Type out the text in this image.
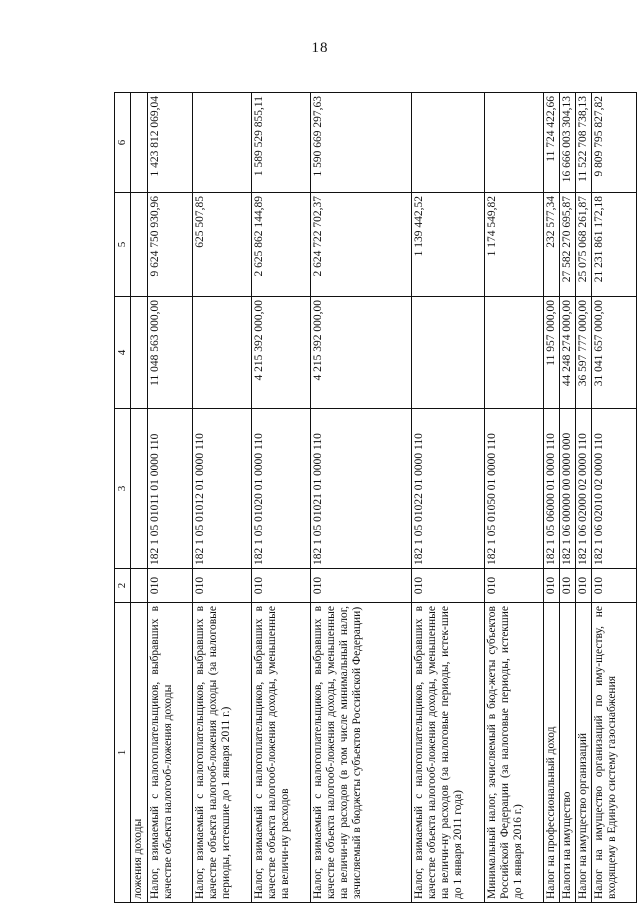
18
1	2	3	4	5	6
ложения доходы					
Налог, взимаемый с налогоплательщиков, выбравших в качестве объекта налогооб-ложения доходы	010	182 1 05 01011 01 0000 110	11 048 563 000,00	9 624 750 930,96	1 423 812 069,04
Налог, взимаемый с налогоплательщиков, выбравших в качестве объекта налогооб-ложения доходы (за налоговые периоды, истекшие до 1 января 2011 г.)	010	182 1 05 01012 01 0000 110		625 507,85	
Налог, взимаемый с налогоплательщиков, выбравших в качестве объекта налогооб-ложения доходы, уменьшенные на величи-ну расходов	010	182 1 05 01020 01 0000 110	4 215 392 000,00	2 625 862 144,89	1 589 529 855,11
Налог, взимаемый с налогоплательщиков, выбравших в качестве объекта налогооб-ложения доходы, уменьшенные на величи-ну расходов (в том числе минимальный налог, зачисляемый в бюджеты субъектов Российской Федерации)	010	182 1 05 01021 01 0000 110	4 215 392 000,00	2 624 722 702,37	1 590 669 297,63
Налог, взимаемый с налогоплательщиков, выбравших в качестве объекта налогооб-ложения доходы, уменьшенные на величи-ну расходов (за налоговые периоды, истек-шие до 1 января 2011 года)	010	182 1 05 01022 01 0000 110		1 139 442,52	
Минимальный налог, зачисляемый в бюд-жеты субъектов Российской Федерации (за налоговые периоды, истекшие до 1 января 2016 г.)	010	182 1 05 01050 01 0000 110		1 174 549,82	
Налог на профессиональный доход	010	182 1 05 06000 01 0000 110	11 957 000,00	232 577,34	11 724 422,66
Налоги на имущество	010	182 1 06 00000 00 0000 000	44 248 274 000,00	27 582 270 695,87	16 666 003 304,13
Налог на имущество организаций	010	182 1 06 02000 02 0000 110	36 597 777 000,00	25 075 068 261,87	11 522 708 738,13
Налог на имущество организаций по иму-ществу, не входящему в Единую систему газоснабжения	010	182 1 06 02010 02 0000 110	31 041 657 000,00	21 231 861 172,18	9 809 795 827,82
